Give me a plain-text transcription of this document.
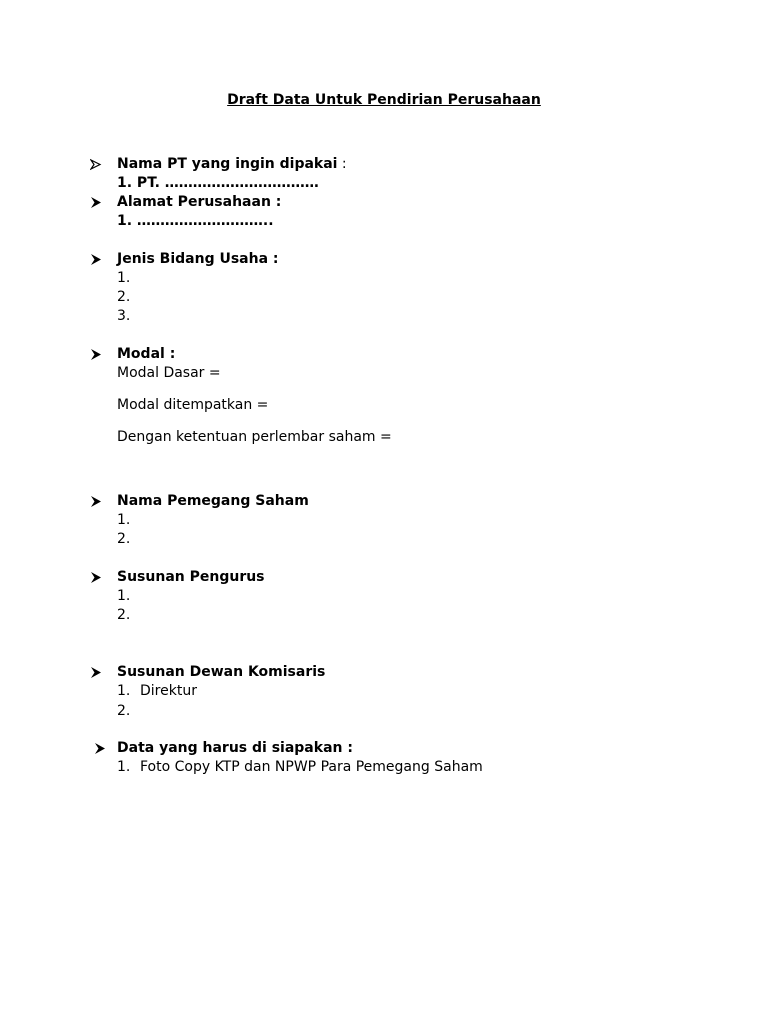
Draft Data Untuk Pendirian Perusahaan
Nama PT yang ingin dipakai :
1. PT. ……………………………
Alamat Perusahaan :
1. ………………………..
Jenis Bidang Usaha :
1.
2.
3.
Modal :
Modal Dasar =
Modal ditempatkan =
Dengan ketentuan perlembar saham =
Nama Pemegang Saham
1.
2.
Susunan Pengurus
1.
2.
Susunan Dewan Komisaris
1. Direktur
2.
Data yang harus di siapakan :
1. Foto Copy KTP dan NPWP Para Pemegang Saham
